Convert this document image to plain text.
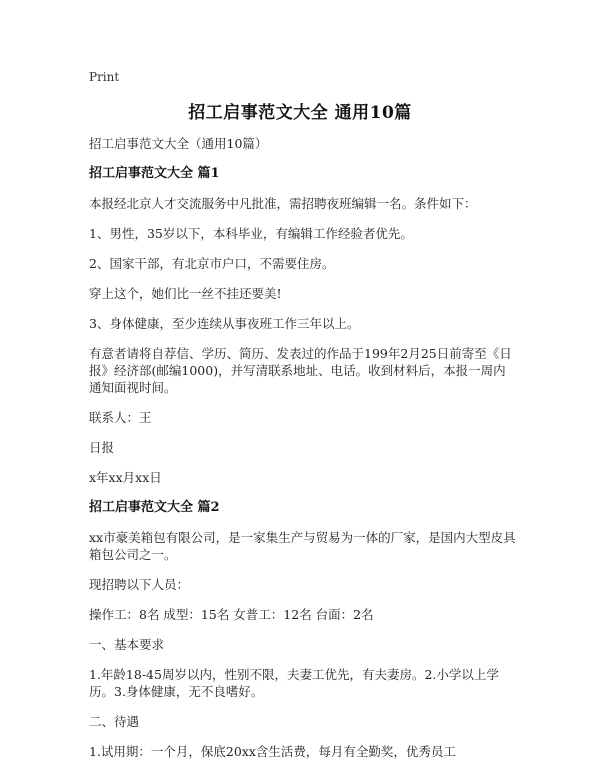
Print
招工启事范文大全 通用10篇

招工启事范文大全（通用10篇）

招工启事范文大全 篇1

本报经北京人才交流服务中凡批准，需招聘夜班编辑一名。条件如下：

1、男性，35岁以下，本科毕业，有编辑工作经验者优先。

2、国家干部，有北京市户口，不需要住房。

穿上这个，她们比一丝不挂还要美!

3、身体健康，至少连续从事夜班工作三年以上。

有意者请将自荐信、学历、简历、发表过的作品于199年2月25日前寄至《日报》经济部(邮编1000)，并写清联系地址、电话。收到材料后，本报一周内通知面视时间。

联系人：王

日报

x年xx月xx日

招工启事范文大全 篇2

xx市豪美箱包有限公司，是一家集生产与贸易为一体的厂家，是国内大型皮具箱包公司之一。

现招聘以下人员：

操作工：8名 成型：15名 女普工：12名 台面：2名

一、基本要求

1.年龄18-45周岁以内，性别不限，夫妻工优先，有夫妻房。2.小学以上学历。3.身体健康，无不良嗜好。

二、待遇

1.试用期：一个月，保底20xx含生活费，每月有全勤奖，优秀员工
